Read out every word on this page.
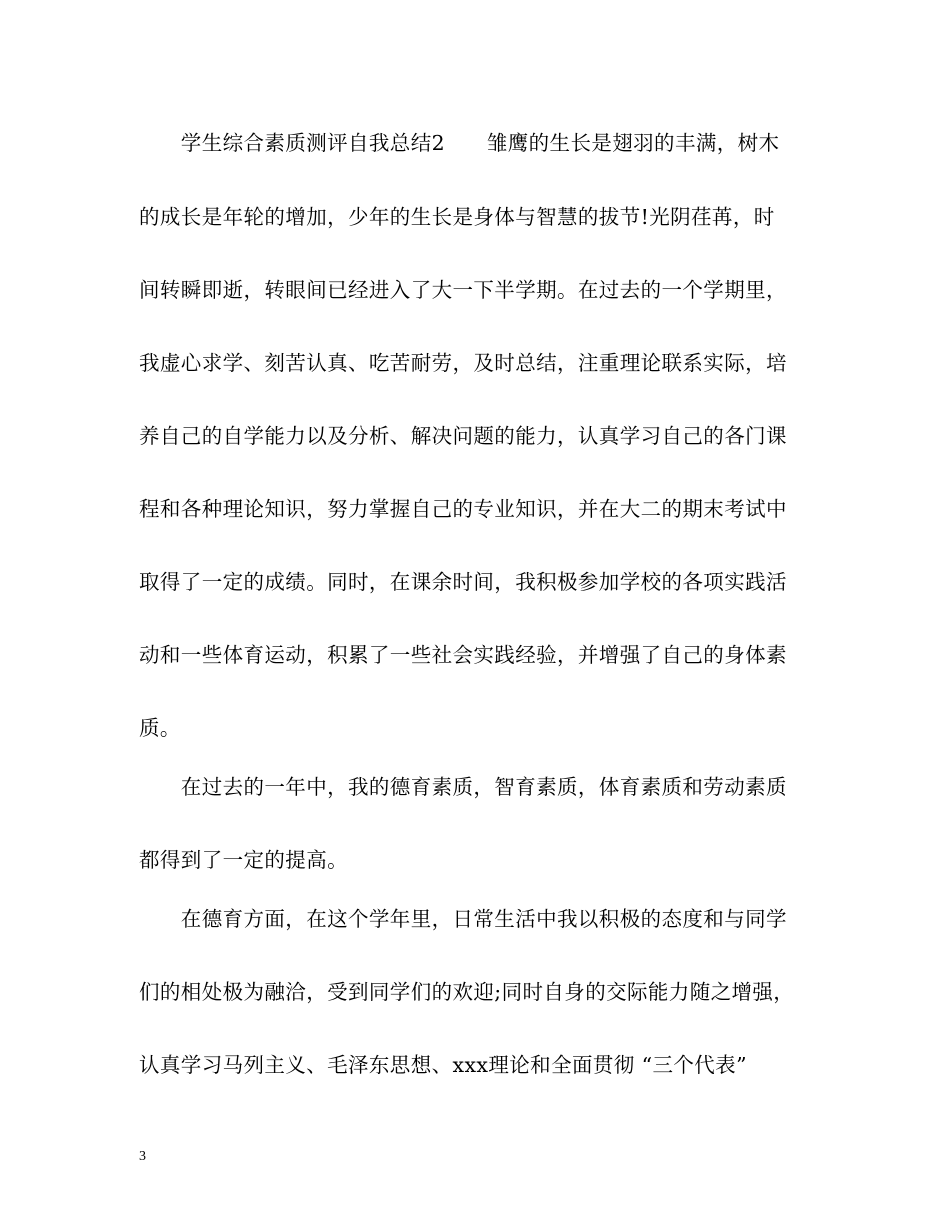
　　学生综合素质测评自我总结2　　雏鹰的生长是翅羽的丰满，树木
的成长是年轮的增加，少年的生长是身体与智慧的拔节!光阴荏苒，时
间转瞬即逝，转眼间已经进入了大一下半学期。在过去的一个学期里，
我虚心求学、刻苦认真、吃苦耐劳，及时总结，注重理论联系实际，培
养自己的自学能力以及分析、解决问题的能力，认真学习自己的各门课
程和各种理论知识，努力掌握自己的专业知识，并在大二的期末考试中
取得了一定的成绩。同时，在课余时间，我积极参加学校的各项实践活
动和一些体育运动，积累了一些社会实践经验，并增强了自己的身体素
质。
　　在过去的一年中，我的德育素质，智育素质，体育素质和劳动素质
都得到了一定的提高。
　　在德育方面，在这个学年里，日常生活中我以积极的态度和与同学
们的相处极为融洽，受到同学们的欢迎;同时自身的交际能力随之增强，
认真学习马列主义、毛泽东思想、xxx理论和全面贯彻 “三个代表”
3
